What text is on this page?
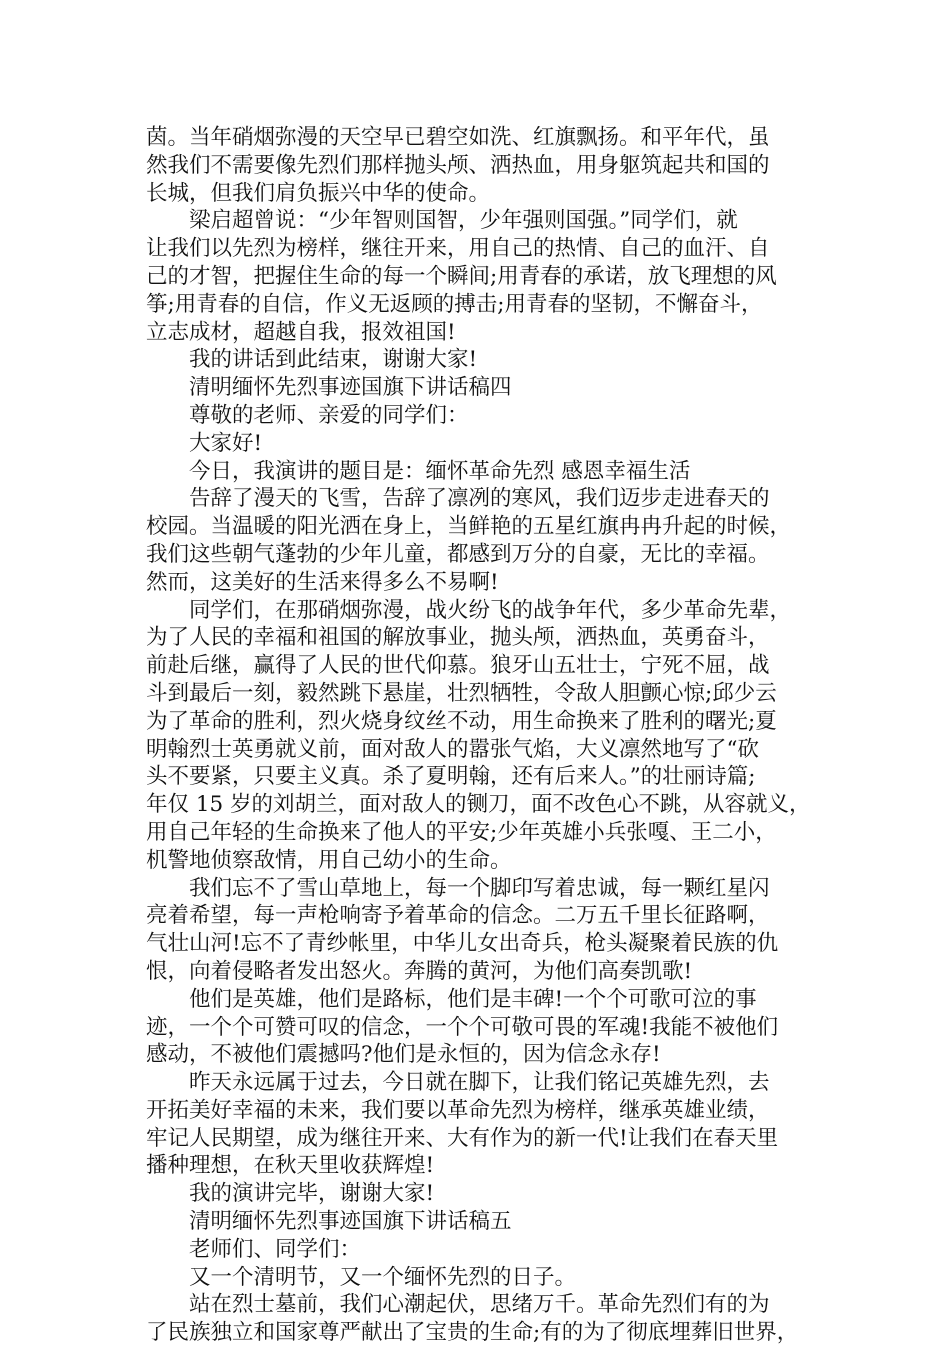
茵。当年硝烟弥漫的天空早已碧空如洗、红旗飘扬。和平年代，虽
然我们不需要像先烈们那样抛头颅、洒热血，用身躯筑起共和国的
长城，但我们肩负振兴中华的使命。
梁启超曾说：“少年智则国智，少年强则国强。”同学们，就
让我们以先烈为榜样，继往开来，用自己的热情、自己的血汗、自
己的才智，把握住生命的每一个瞬间;用青春的承诺，放飞理想的风
筝;用青春的自信，作义无返顾的搏击;用青春的坚韧，不懈奋斗，
立志成材，超越自我，报效祖国!
我的讲话到此结束，谢谢大家!
清明缅怀先烈事迹国旗下讲话稿四
尊敬的老师、亲爱的同学们：
大家好!
今日，我演讲的题目是：缅怀革命先烈 感恩幸福生活
告辞了漫天的飞雪，告辞了凛冽的寒风，我们迈步走进春天的
校园。当温暖的阳光洒在身上，当鲜艳的五星红旗冉冉升起的时候，
我们这些朝气蓬勃的少年儿童，都感到万分的自豪，无比的幸福。
然而，这美好的生活来得多么不易啊!
同学们，在那硝烟弥漫，战火纷飞的战争年代，多少革命先辈，
为了人民的幸福和祖国的解放事业，抛头颅，洒热血，英勇奋斗，
前赴后继，赢得了人民的世代仰慕。狼牙山五壮士，宁死不屈，战
斗到最后一刻，毅然跳下悬崖，壮烈牺牲，令敌人胆颤心惊;邱少云
为了革命的胜利，烈火烧身纹丝不动，用生命换来了胜利的曙光;夏
明翰烈士英勇就义前，面对敌人的嚣张气焰，大义凛然地写了“砍
头不要紧，只要主义真。杀了夏明翰，还有后来人。”的壮丽诗篇;
年仅 15 岁的刘胡兰，面对敌人的铡刀，面不改色心不跳，从容就义，
用自己年轻的生命换来了他人的平安;少年英雄小兵张嘎、王二小，
机警地侦察敌情，用自己幼小的生命。
我们忘不了雪山草地上，每一个脚印写着忠诚，每一颗红星闪
亮着希望，每一声枪响寄予着革命的信念。二万五千里长征路啊，
气壮山河!忘不了青纱帐里，中华儿女出奇兵，枪头凝聚着民族的仇
恨，向着侵略者发出怒火。奔腾的黄河，为他们高奏凯歌!
他们是英雄，他们是路标，他们是丰碑!一个个可歌可泣的事
迹，一个个可赞可叹的信念，一个个可敬可畏的军魂!我能不被他们
感动，不被他们震撼吗?他们是永恒的，因为信念永存!
昨天永远属于过去，今日就在脚下，让我们铭记英雄先烈，去
开拓美好幸福的未来，我们要以革命先烈为榜样，继承英雄业绩，
牢记人民期望，成为继往开来、大有作为的新一代!让我们在春天里
播种理想，在秋天里收获辉煌!
我的演讲完毕，谢谢大家!
清明缅怀先烈事迹国旗下讲话稿五
老师们、同学们：
又一个清明节，又一个缅怀先烈的日子。
站在烈士墓前，我们心潮起伏，思绪万千。革命先烈们有的为
了民族独立和国家尊严献出了宝贵的生命;有的为了彻底埋葬旧世界，
